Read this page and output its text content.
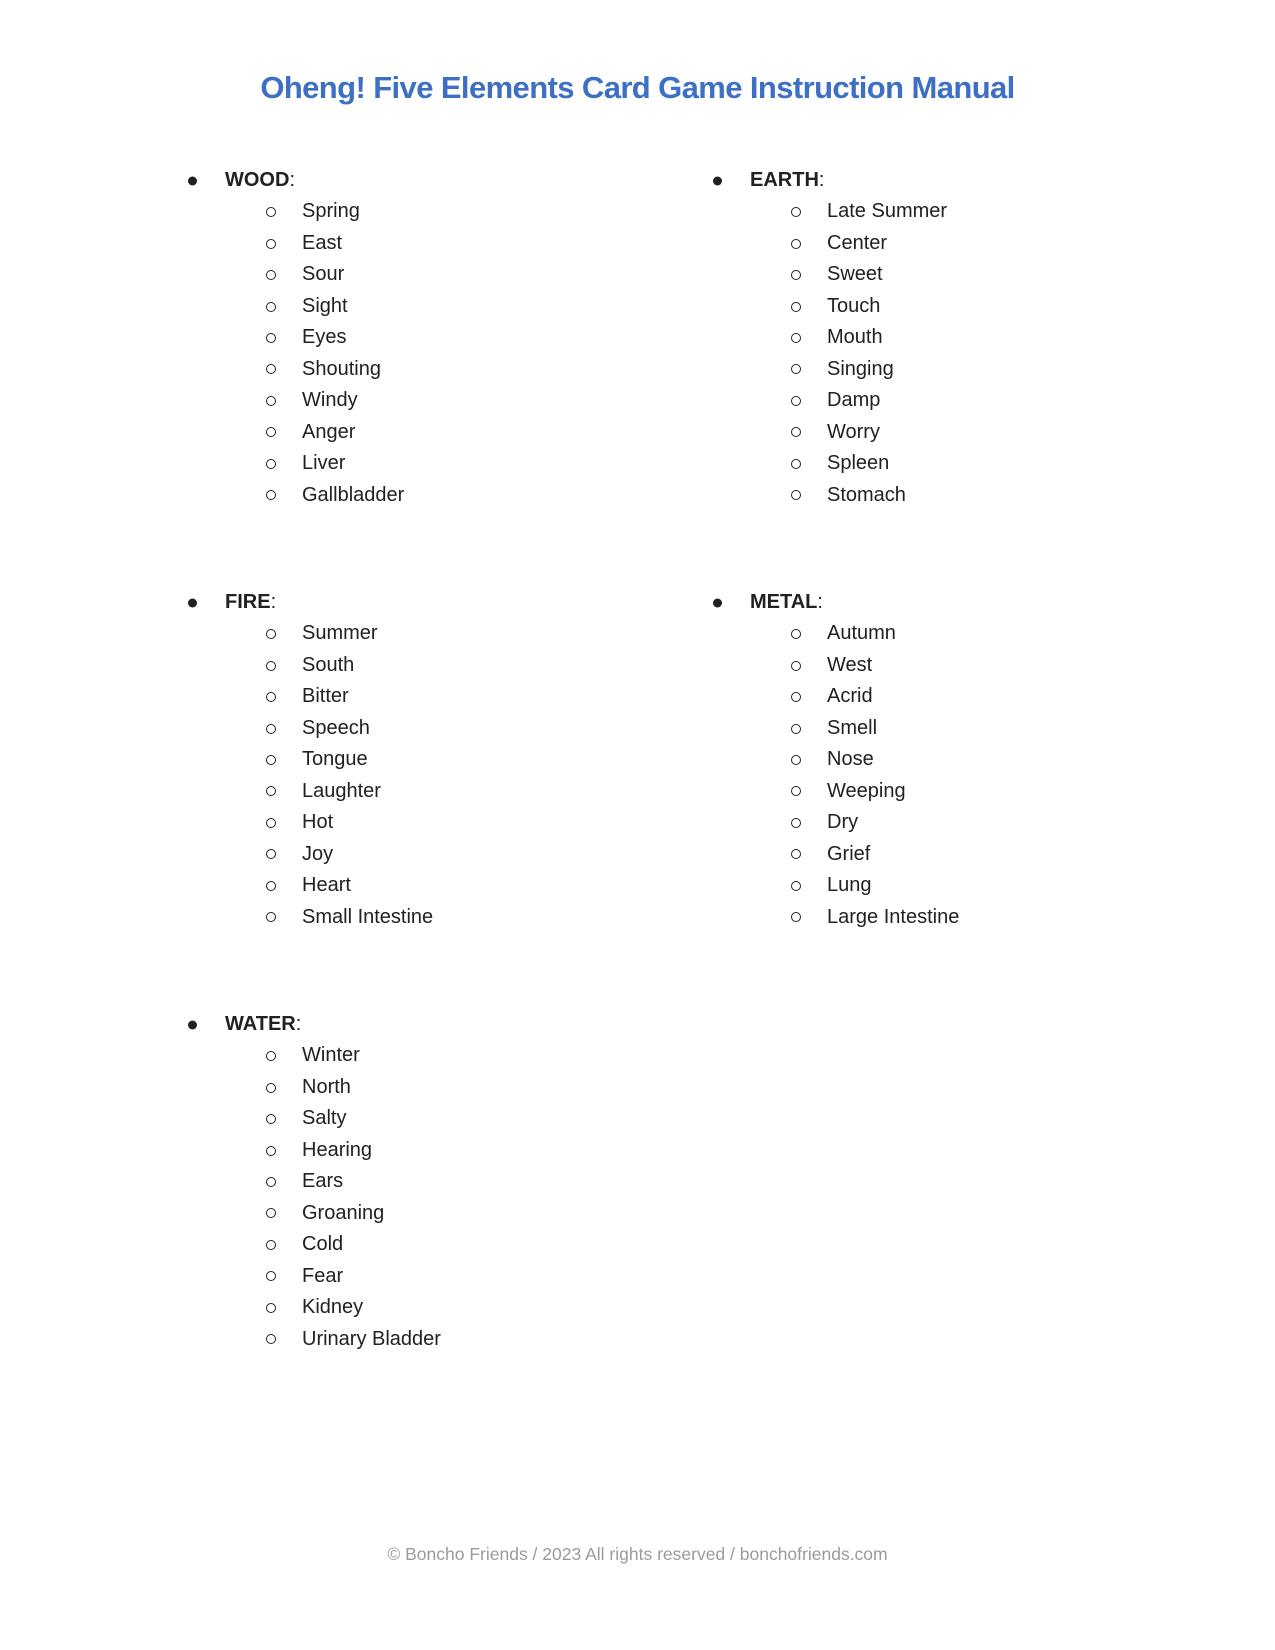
Oheng! Five Elements Card Game Instruction Manual
WOOD:
Spring
East
Sour
Sight
Eyes
Shouting
Windy
Anger
Liver
Gallbladder
EARTH:
Late Summer
Center
Sweet
Touch
Mouth
Singing
Damp
Worry
Spleen
Stomach
FIRE:
Summer
South
Bitter
Speech
Tongue
Laughter
Hot
Joy
Heart
Small Intestine
METAL:
Autumn
West
Acrid
Smell
Nose
Weeping
Dry
Grief
Lung
Large Intestine
WATER:
Winter
North
Salty
Hearing
Ears
Groaning
Cold
Fear
Kidney
Urinary Bladder
© Boncho Friends / 2023 All rights reserved / bonchofriends.com
